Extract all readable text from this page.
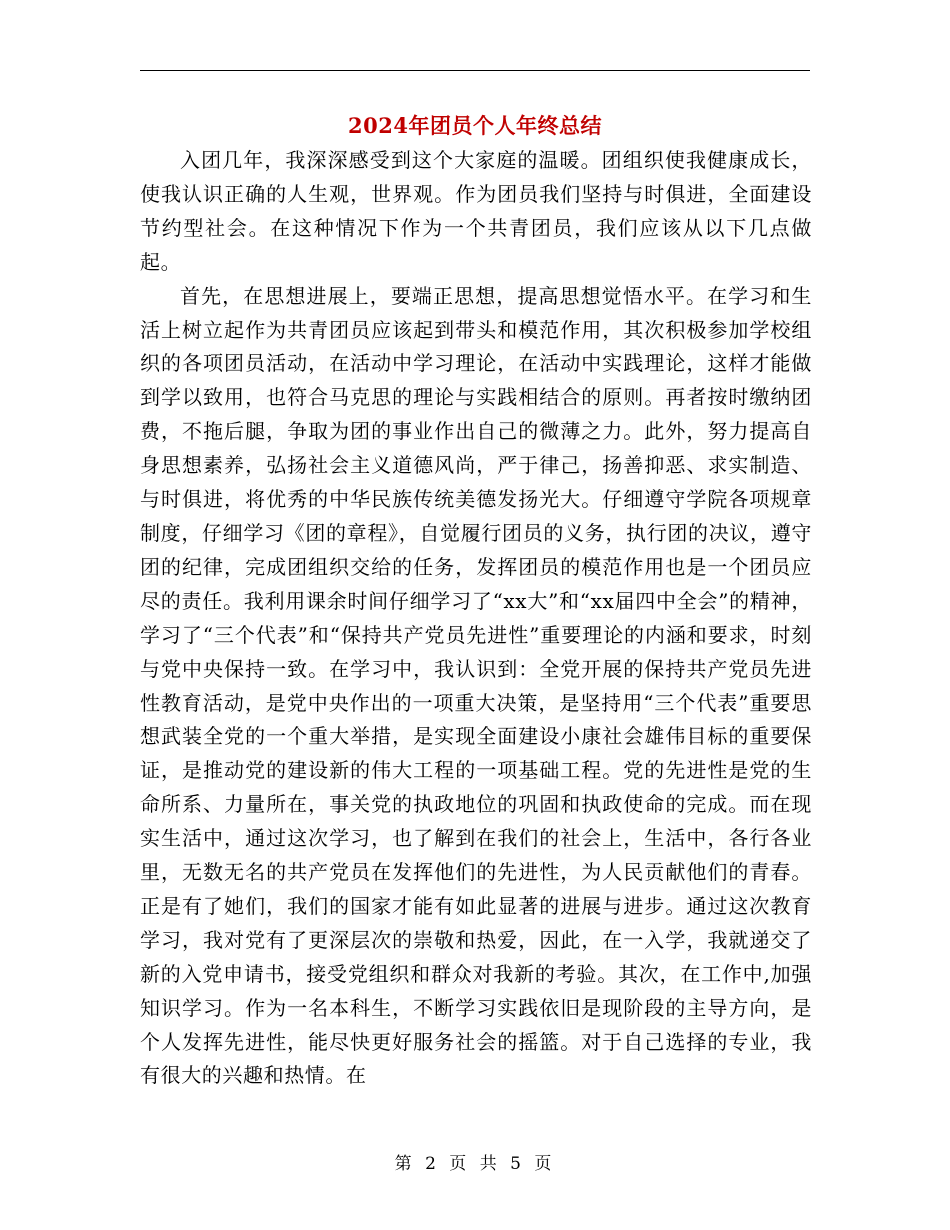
2024年团员个人年终总结

入团几年，我深深感受到这个大家庭的温暖。团组织使我健康成长，使我认识正确的人生观，世界观。作为团员我们坚持与时俱进，全面建设节约型社会。在这种情况下作为一个共青团员，我们应该从以下几点做起。

首先，在思想进展上，要端正思想，提高思想觉悟水平。在学习和生活上树立起作为共青团员应该起到带头和模范作用，其次积极参加学校组织的各项团员活动，在活动中学习理论，在活动中实践理论，这样才能做到学以致用，也符合马克思的理论与实践相结合的原则。再者按时缴纳团费，不拖后腿，争取为团的事业作出自己的微薄之力。此外，努力提高自身思想素养，弘扬社会主义道德风尚，严于律己，扬善抑恶、求实制造、与时俱进，将优秀的中华民族传统美德发扬光大。仔细遵守学院各项规章制度，仔细学习《团的章程》，自觉履行团员的义务，执行团的决议，遵守团的纪律，完成团组织交给的任务，发挥团员的模范作用也是一个团员应尽的责任。我利用课余时间仔细学习了“xx大”和“xx届四中全会”的精神，学习了“三个代表”和“保持共产党员先进性”重要理论的内涵和要求，时刻与党中央保持一致。在学习中，我认识到：全党开展的保持共产党员先进性教育活动，是党中央作出的一项重大决策，是坚持用“三个代表”重要思想武装全党的一个重大举措，是实现全面建设小康社会雄伟目标的重要保证，是推动党的建设新的伟大工程的一项基础工程。党的先进性是党的生命所系、力量所在，事关党的执政地位的巩固和执政使命的完成。而在现实生活中，通过这次学习，也了解到在我们的社会上，生活中，各行各业里，无数无名的共产党员在发挥他们的先进性，为人民贡献他们的青春。正是有了她们，我们的国家才能有如此显著的进展与进步。通过这次教育学习，我对党有了更深层次的崇敬和热爱，因此，在一入学，我就递交了新的入党申请书，接受党组织和群众对我新的考验。其次，在工作中,加强知识学习。作为一名本科生，不断学习实践依旧是现阶段的主导方向，是个人发挥先进性，能尽快更好服务社会的摇篮。对于自己选择的专业，我有很大的兴趣和热情。在

第 2 页 共 5 页
